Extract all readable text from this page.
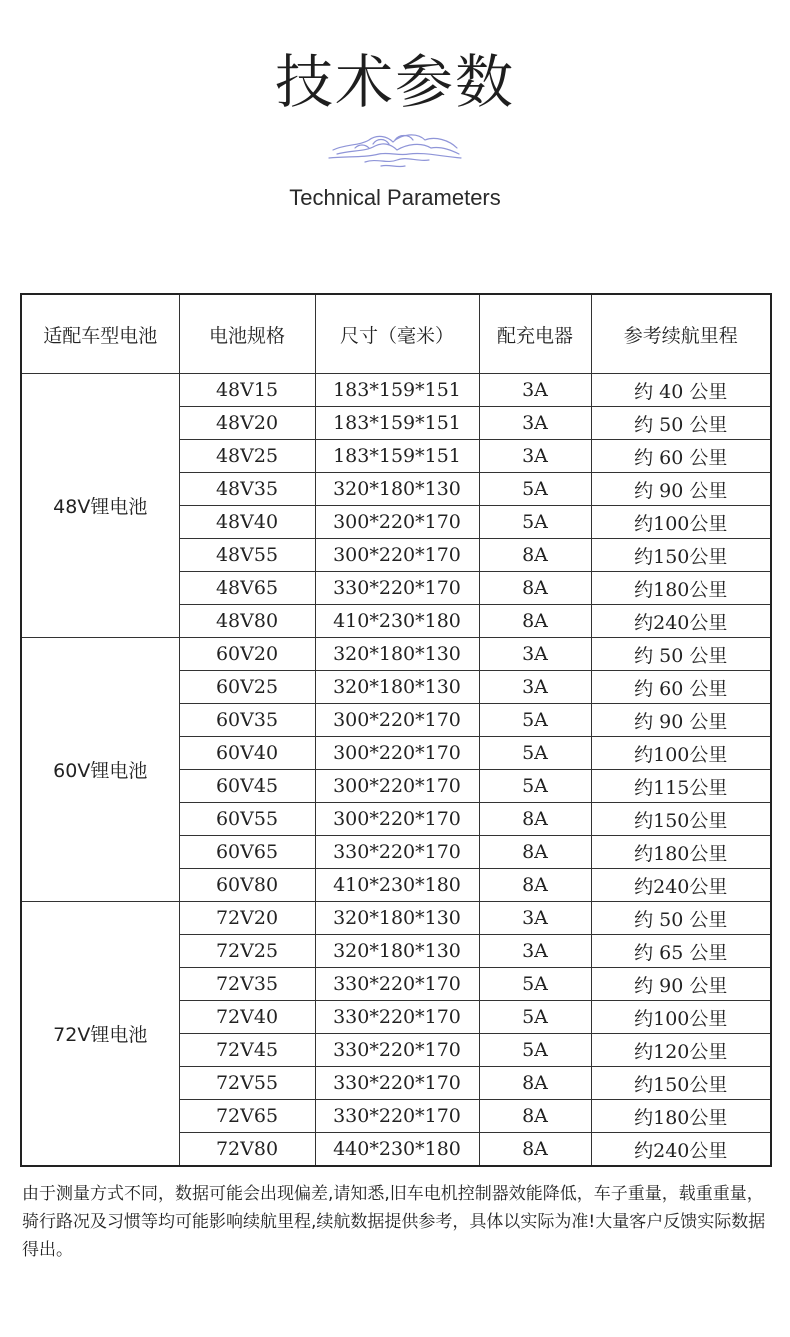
技术参数
Technical Parameters
适配车型电池	电池规格	尺寸（毫米）	配充电器	参考续航里程
48V锂电池	48V15	183*159*151	3A	约 40 公里
	48V20	183*159*151	3A	约 50 公里
	48V25	183*159*151	3A	约 60 公里
	48V35	320*180*130	5A	约 90 公里
	48V40	300*220*170	5A	约100公里
	48V55	300*220*170	8A	约150公里
	48V65	330*220*170	8A	约180公里
	48V80	410*230*180	8A	约240公里
60V锂电池	60V20	320*180*130	3A	约 50 公里
	60V25	320*180*130	3A	约 60 公里
	60V35	300*220*170	5A	约 90 公里
	60V40	300*220*170	5A	约100公里
	60V45	300*220*170	5A	约115公里
	60V55	300*220*170	8A	约150公里
	60V65	330*220*170	8A	约180公里
	60V80	410*230*180	8A	约240公里
72V锂电池	72V20	320*180*130	3A	约 50 公里
	72V25	320*180*130	3A	约 65 公里
	72V35	330*220*170	5A	约 90 公里
	72V40	330*220*170	5A	约100公里
	72V45	330*220*170	5A	约120公里
	72V55	330*220*170	8A	约150公里
	72V65	330*220*170	8A	约180公里
	72V80	440*230*180	8A	约240公里
由于测量方式不同，数据可能会出现偏差,请知悉,旧车电机控制器效能降低，车子重量，载重重量，骑行路况及习惯等均可能影响续航里程,续航数据提供参考，具体以实际为准!大量客户反馈实际数据得出。
